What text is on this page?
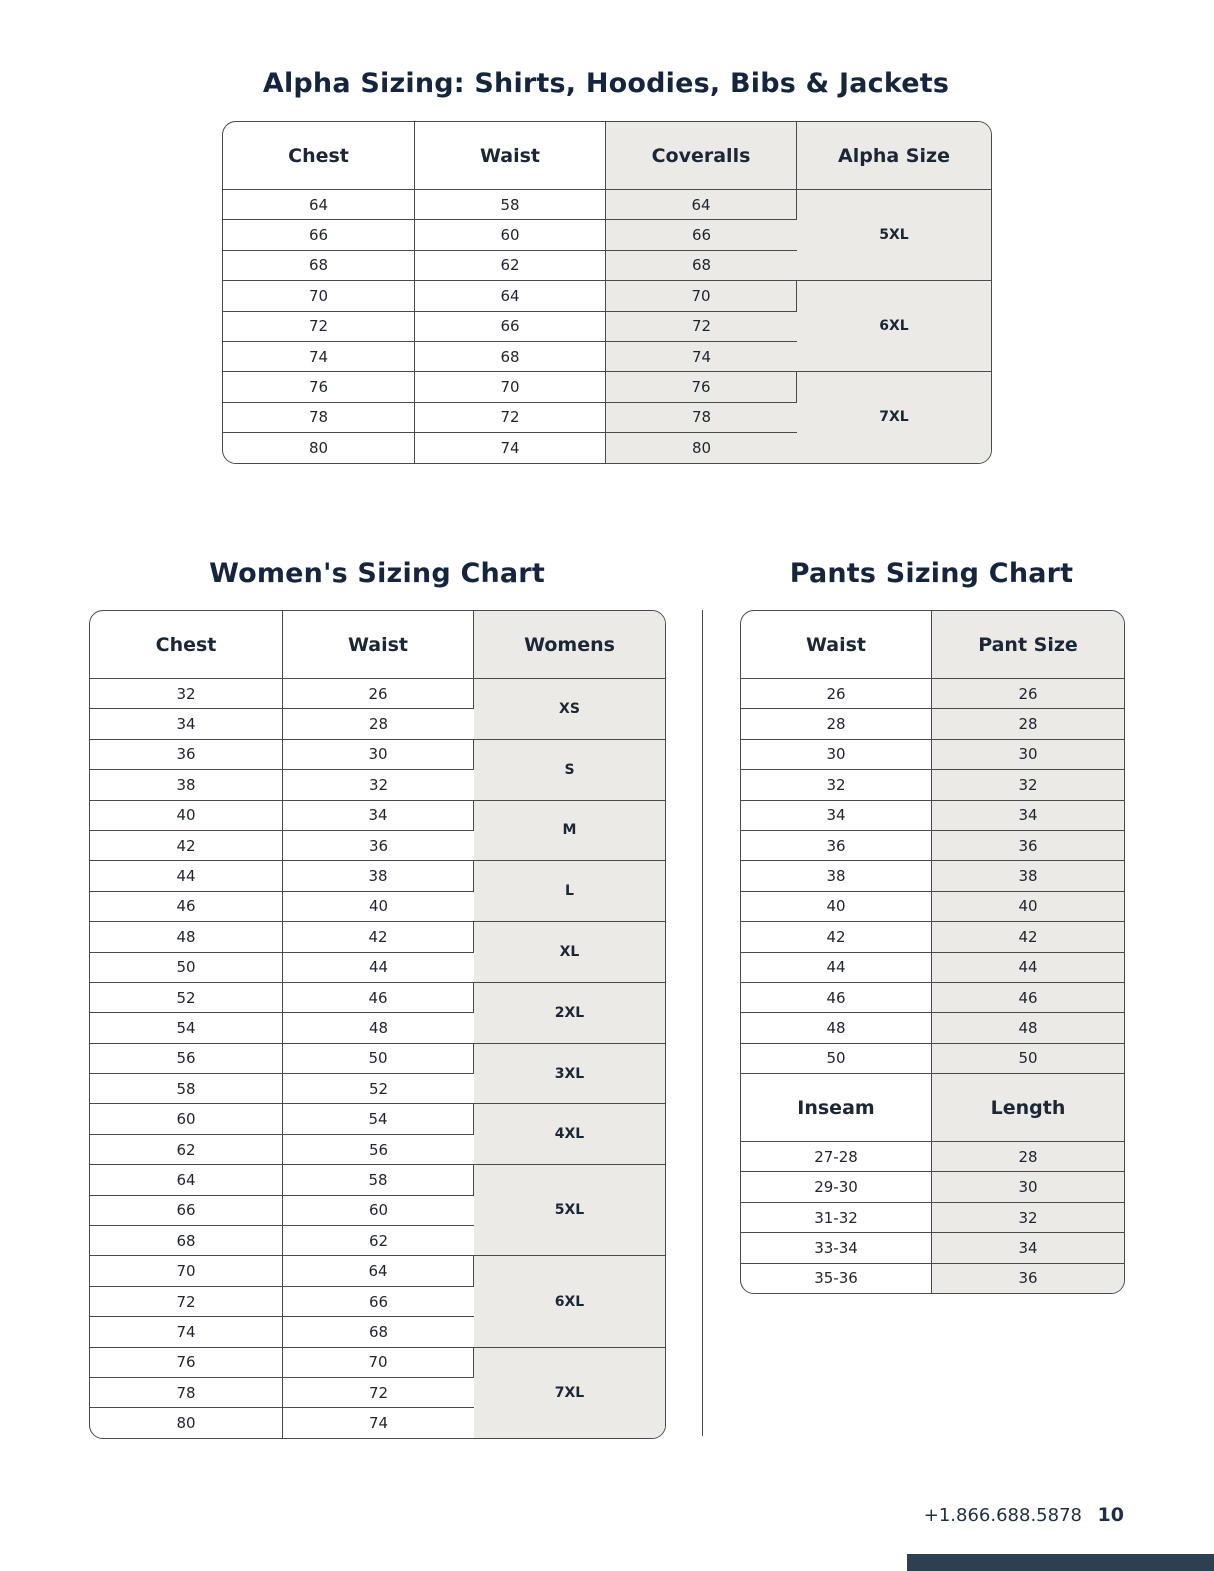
Alpha Sizing: Shirts, Hoodies, Bibs & Jackets
Chest	Waist	Coveralls	Alpha Size
64	58	64	5XL
66	60	66	
68	62	68	
70	64	70	6XL
72	66	72	
74	68	74	
76	70	76	7XL
78	72	78	
80	74	80	
Women's Sizing Chart
Chest	Waist	Womens
32	26	XS
34	28	
36	30	S
38	32	
40	34	M
42	36	
44	38	L
46	40	
48	42	XL
50	44	
52	46	2XL
54	48	
56	50	3XL
58	52	
60	54	4XL
62	56	
64	58	5XL
66	60	
68	62	
70	64	6XL
72	66	
74	68	
76	70	7XL
78	72	
80	74	
Pants Sizing Chart
Waist	Pant Size
26	26
28	28
30	30
32	32
34	34
36	36
38	38
40	40
42	42
44	44
46	46
48	48
50	50
Inseam	Length
27-28	28
29-30	30
31-32	32
33-34	34
35-36	36
+1.866.688.5878 10
